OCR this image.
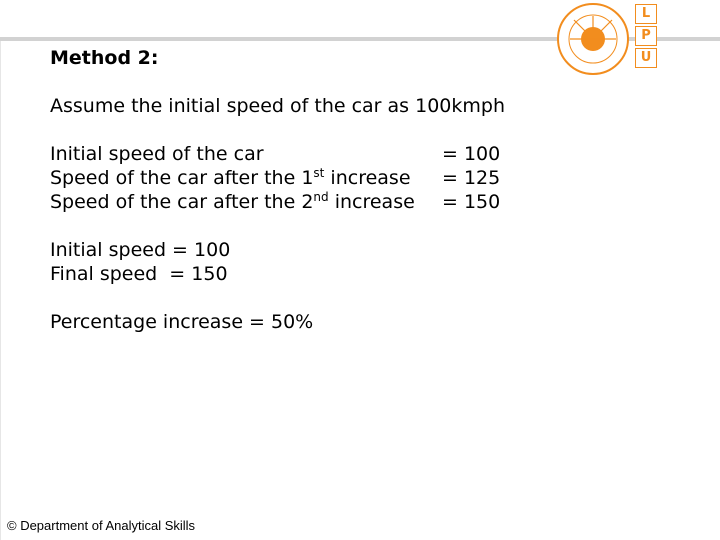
L
P
U
Method 2:
Assume the initial speed of the car as 100kmph
Initial speed of the car	= 100
Speed of the car after the 1st increase = 125
Speed of the car after the 2nd increase = 150
Initial speed = 100
Final speed  = 150
Percentage increase = 50%
© Department of Analytical Skills
